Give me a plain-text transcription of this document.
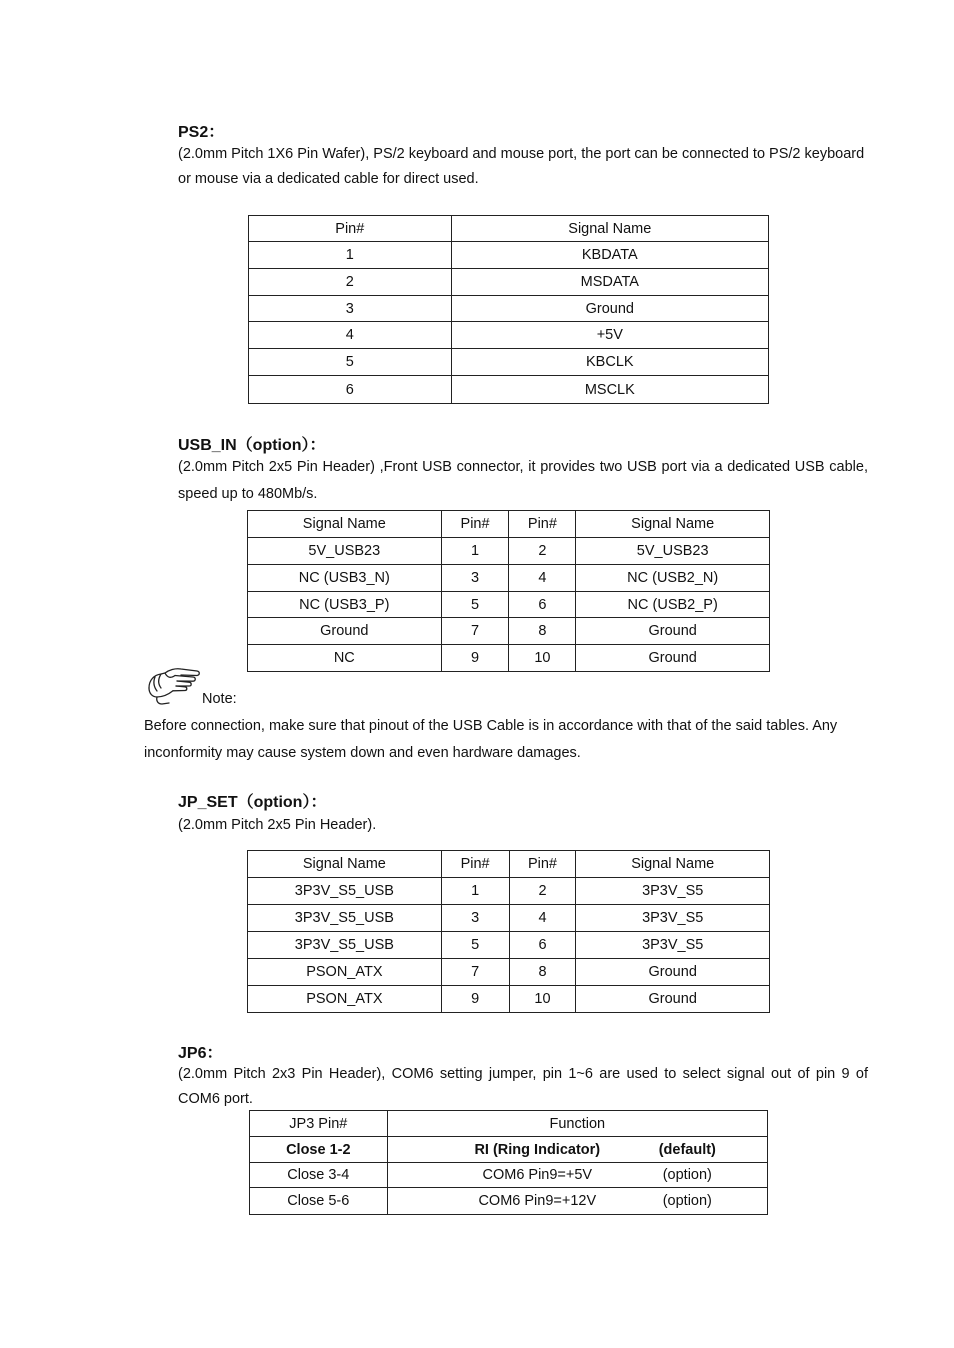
PS2：
(2.0mm Pitch 1X6 Pin Wafer), PS/2 keyboard and mouse port, the port can be connected to PS/2 keyboard or mouse via a dedicated cable for direct used.
Pin#	Signal Name
1	KBDATA
2	MSDATA
3	Ground
4	+5V
5	KBCLK
6	MSCLK
USB_IN（option）：
(2.0mm Pitch 2x5 Pin Header) ,Front USB connector, it provides two USB port via a dedicated USB cable, speed up to 480Mb/s.
Signal Name	Pin#	Pin#	Signal Name
5V_USB23	1	2	5V_USB23
NC (USB3_N)	3	4	NC (USB2_N)
NC (USB3_P)	5	6	NC (USB2_P)
Ground	7	8	Ground
NC	9	10	Ground
Note:
Before connection, make sure that pinout of the USB Cable is in accordance with that of the said tables. Any inconformity may cause system down and even hardware damages.
JP_SET（option）：
(2.0mm Pitch 2x5 Pin Header).
Signal Name	Pin#	Pin#	Signal Name
3P3V_S5_USB	1	2	3P3V_S5
3P3V_S5_USB	3	4	3P3V_S5
3P3V_S5_USB	5	6	3P3V_S5
PSON_ATX	7	8	Ground
PSON_ATX	9	10	Ground
JP6：
(2.0mm Pitch 2x3 Pin Header), COM6 setting jumper, pin 1~6 are used to select signal out of pin 9 of COM6 port.
JP3 Pin#	Function
Close 1-2	RI (Ring Indicator) (default)
Close 3-4	COM6 Pin9=+5V (option)
Close 5-6	COM6 Pin9=+12V (option)
